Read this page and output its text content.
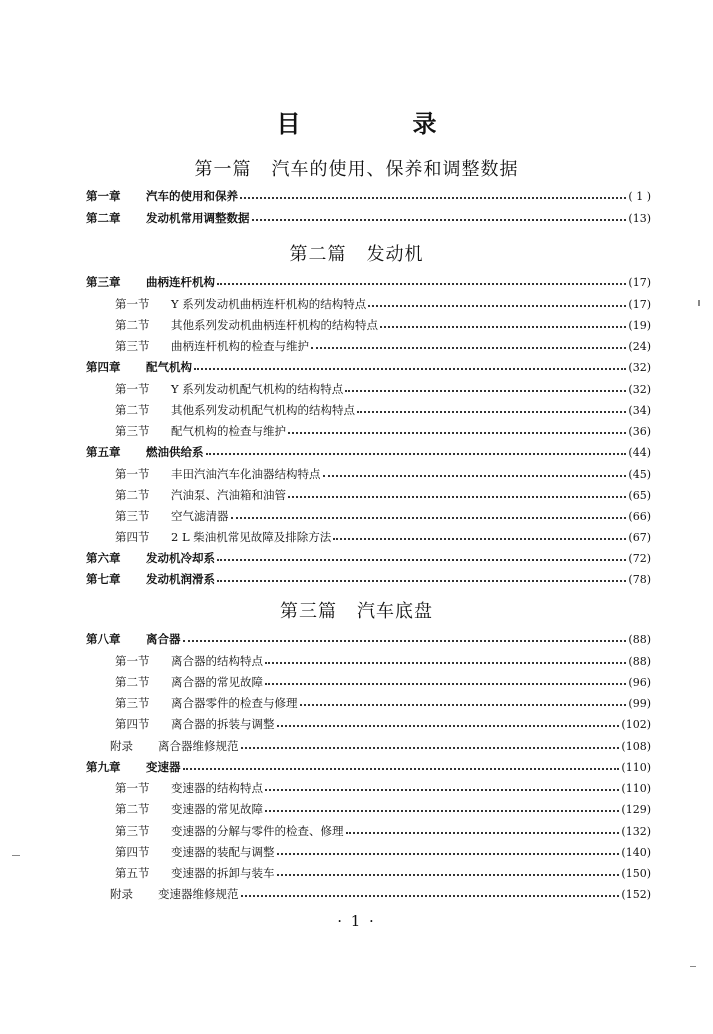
目　录
第一篇 汽车的使用、保养和调整数据
第二篇 发动机
第三篇 汽车底盘
第一章	汽车的使用和保养	( 1 )
第二章	发动机常用调整数据	(13)
第三章	曲柄连杆机构	(17)
第一节	Y 系列发动机曲柄连杆机构的结构特点	(17)
第二节	其他系列发动机曲柄连杆机构的结构特点	(19)
第三节	曲柄连杆机构的检查与维护	(24)
第四章	配气机构	(32)
第一节	Y 系列发动机配气机构的结构特点	(32)
第二节	其他系列发动机配气机构的结构特点	(34)
第三节	配气机构的检查与维护	(36)
第五章	燃油供给系	(44)
第一节	丰田汽油汽车化油器结构特点	(45)
第二节	汽油泵、汽油箱和油管	(65)
第三节	空气滤清器	(66)
第四节	2 L 柴油机常见故障及排除方法	(67)
第六章	发动机冷却系	(72)
第七章	发动机润滑系	(78)
第八章	离合器	(88)
第一节	离合器的结构特点	(88)
第二节	离合器的常见故障	(96)
第三节	离合器零件的检查与修理	(99)
第四节	离合器的拆装与调整	(102)
附录	离合器维修规范	(108)
第九章	变速器	(110)
第一节	变速器的结构特点	(110)
第二节	变速器的常见故障	(129)
第三节	变速器的分解与零件的检查、修理	(132)
第四节	变速器的装配与调整	(140)
第五节	变速器的拆卸与装车	(150)
附录	变速器维修规范	(152)
· 1 ·
